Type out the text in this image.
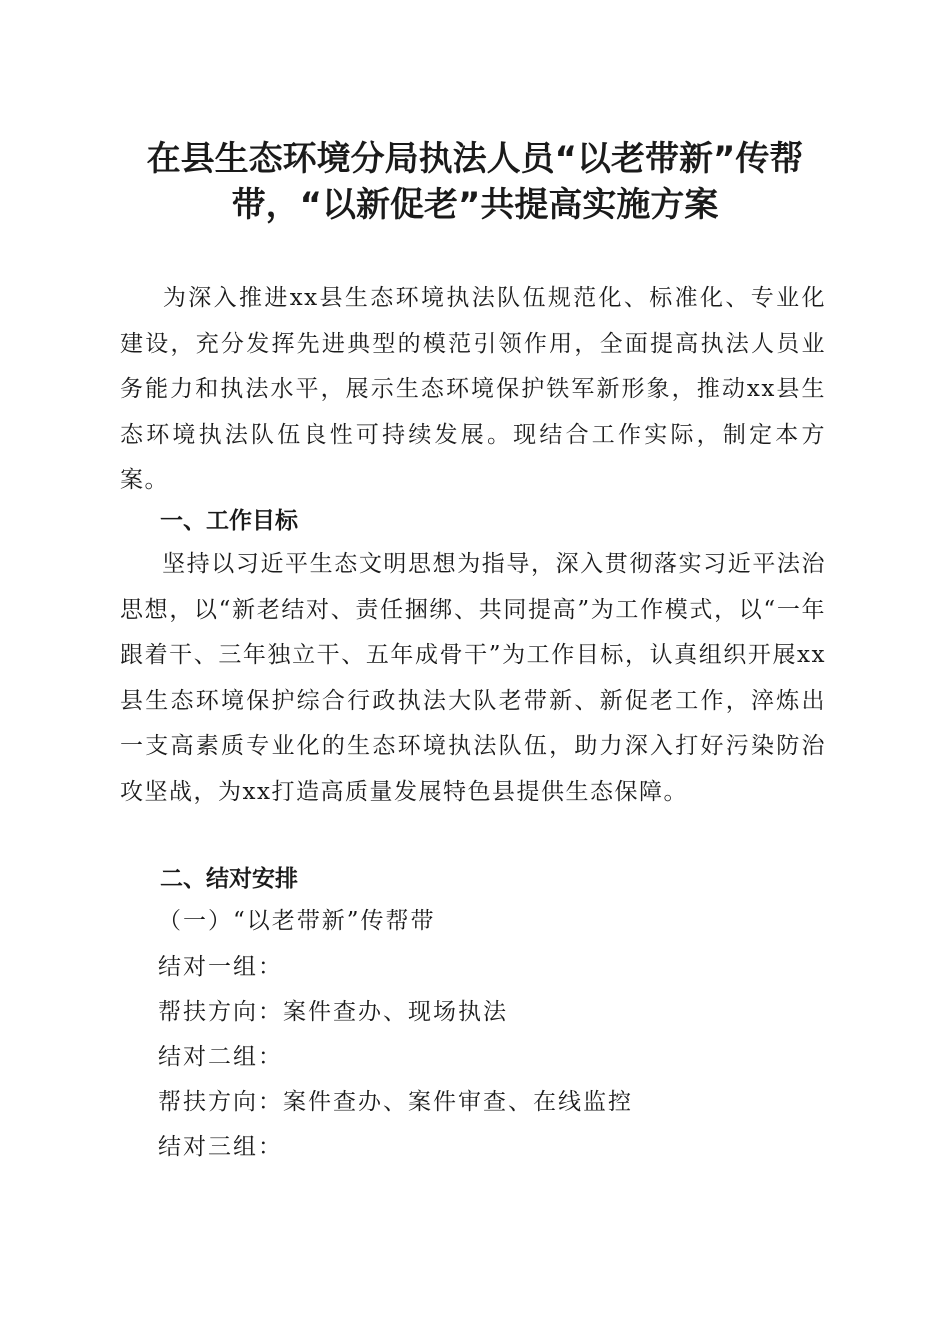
在县生态环境分局执法人员“以老带新”传帮
带，“以新促老”共提高实施方案

为深入推进xx县生态环境执法队伍规范化、标准化、专业化建设，充分发挥先进典型的模范引领作用，全面提高执法人员业务能力和执法水平，展示生态环境保护铁军新形象，推动xx县生态环境执法队伍良性可持续发展。现结合工作实际，制定本方案。

一、工作目标

坚持以习近平生态文明思想为指导，深入贯彻落实习近平法治思想，以“新老结对、责任捆绑、共同提高”为工作模式，以“一年跟着干、三年独立干、五年成骨干”为工作目标，认真组织开展xx县生态环境保护综合行政执法大队老带新、新促老工作，淬炼出一支高素质专业化的生态环境执法队伍，助力深入打好污染防治攻坚战，为xx打造高质量发展特色县提供生态保障。

二、结对安排

（一）“以老带新”传帮带

结对一组：

帮扶方向：案件查办、现场执法

结对二组：

帮扶方向：案件查办、案件审查、在线监控

结对三组：
